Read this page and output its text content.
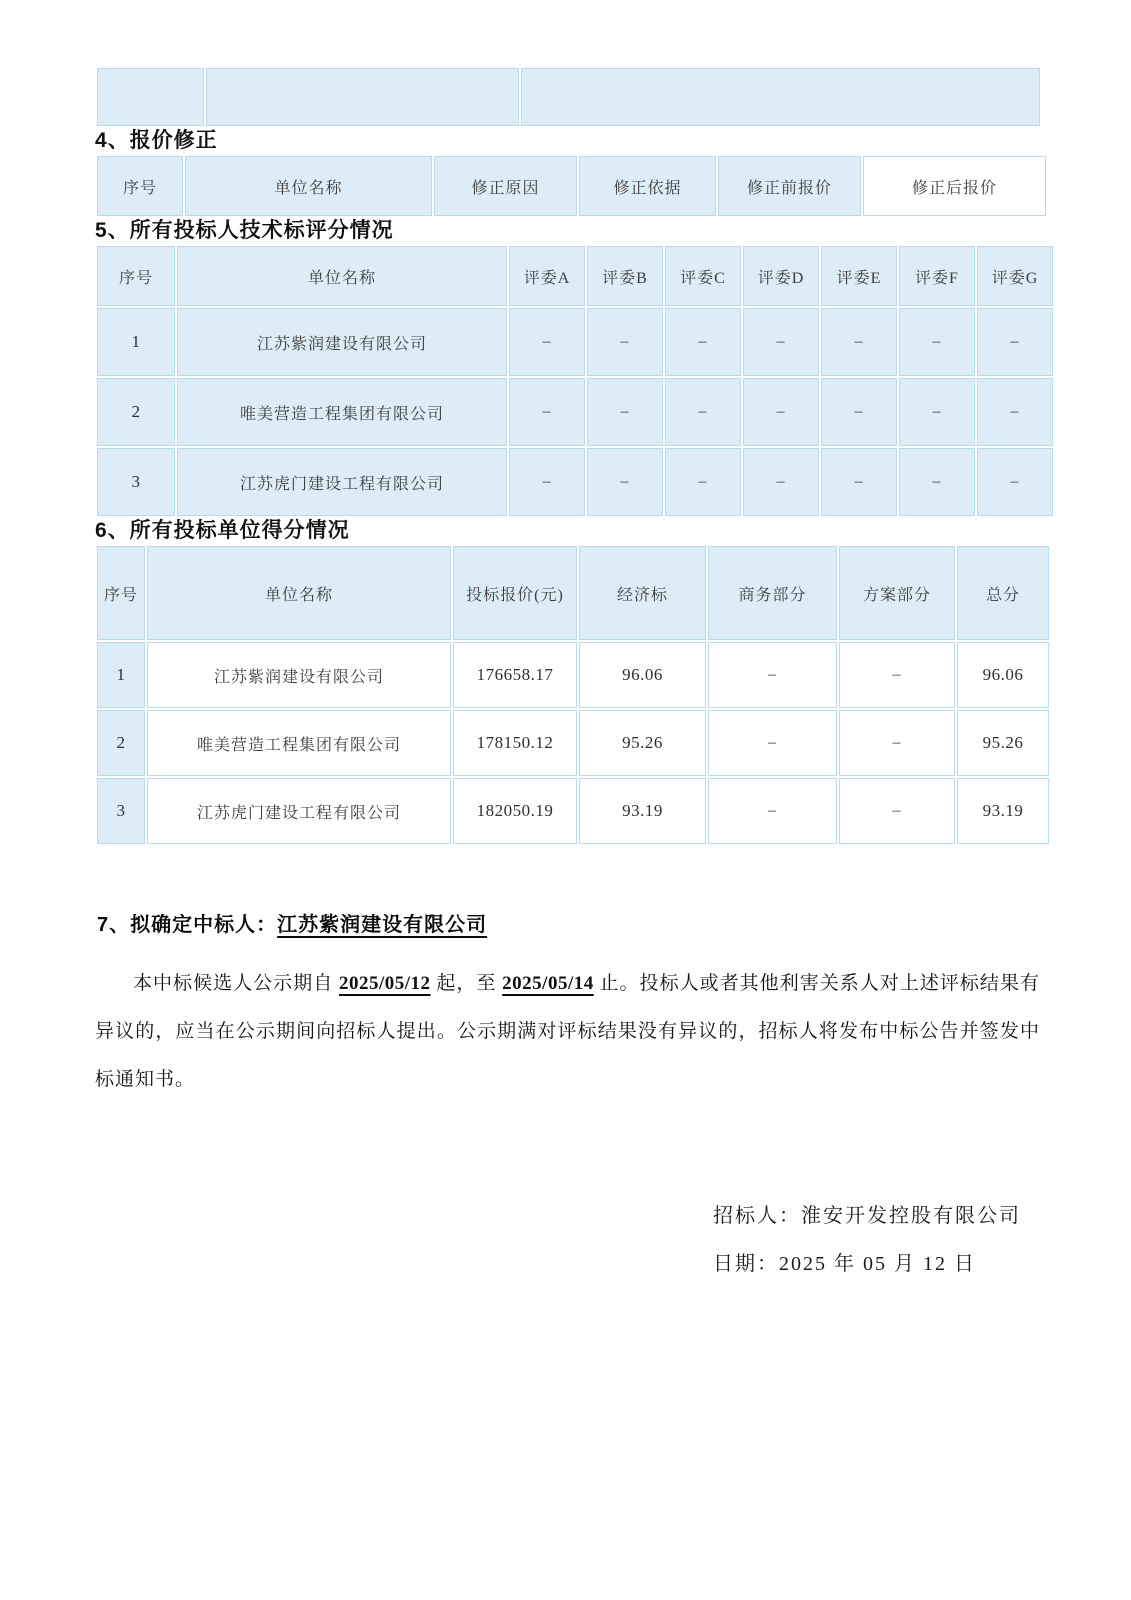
4、报价修正
序号	单位名称	修正原因	修正依据	修正前报价	修正后报价
5、所有投标人技术标评分情况
序号	单位名称	评委A	评委B	评委C	评委D	评委E	评委F	评委G
1	江苏紫润建设有限公司	–	–	–	–	–	–	–
2	唯美营造工程集团有限公司	–	–	–	–	–	–	–
3	江苏虎门建设工程有限公司	–	–	–	–	–	–	–
6、所有投标单位得分情况
序号	单位名称	投标报价(元)	经济标	商务部分	方案部分	总分
1	江苏紫润建设有限公司	176658.17	96.06	–	–	96.06
2	唯美营造工程集团有限公司	178150.12	95.26	–	–	95.26
3	江苏虎门建设工程有限公司	182050.19	93.19	–	–	93.19
7、拟确定中标人：江苏紫润建设有限公司

本中标候选人公示期自 2025/05/12 起，至 2025/05/14 止。投标人或者其他利害关系人对上述评标结果有异议的，应当在公示期间向招标人提出。公示期满对评标结果没有异议的，招标人将发布中标公告并签发中标通知书。

招标人：淮安开发控股有限公司
日期：2025 年 05 月 12 日
